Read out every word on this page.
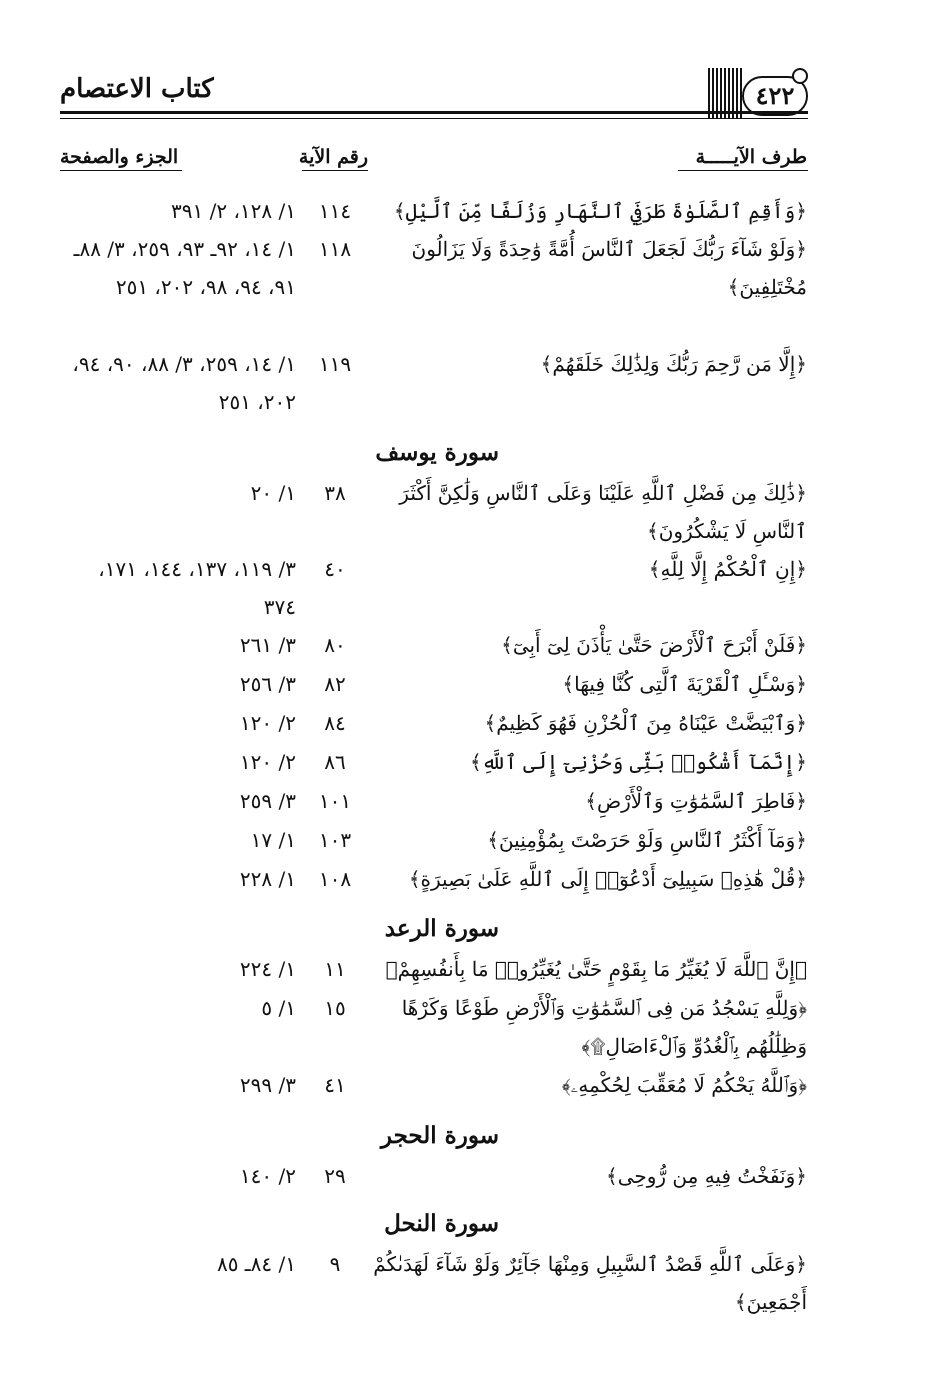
كتاب الاعتصام	٤٢٢
طرف الآيـــــة
رقم الآية
الجزء والصفحة
﴿وَأَقِمِ ٱلصَّلَوٰةَ طَرَفَيِ ٱلنَّهَارِ وَزُلَفًا مِّنَ ٱلَّيْلِ﴾
١١٤
١/ ١٢٨، ٢/ ٣٩١
﴿وَلَوْ شَآءَ رَبُّكَ لَجَعَلَ ٱلنَّاسَ أُمَّةً وَٰحِدَةً وَلَا يَزَالُونَ مُخْتَلِفِينَ﴾
١١٨
١/ ١٤، ٩٢ـ ٩٣، ٢٥٩، ٣/ ٨٨ـ ٩١، ٩٤، ٩٨، ٢٠٢، ٢٥١
﴿إِلَّا مَن رَّحِمَ رَبُّكَ وَلِذَٰلِكَ خَلَقَهُمْ﴾
١١٩
١/ ١٤، ٢٥٩، ٣/ ٨٨، ٩٠، ٩٤، ٢٠٢، ٢٥١
سورة يوسف
﴿ذَٰلِكَ مِن فَضْلِ ٱللَّهِ عَلَيْنَا وَعَلَى ٱلنَّاسِ وَلَٰكِنَّ أَكْثَرَ ٱلنَّاسِ لَا يَشْكُرُونَ﴾
٣٨
١/ ٢٠
﴿إِنِ ٱلْحُكْمُ إِلَّا لِلَّهِ﴾
٤٠
٣/ ١١٩، ١٣٧، ١٤٤، ١٧١، ٣٧٤
﴿فَلَنْ أَبْرَحَ ٱلْأَرْضَ حَتَّىٰ يَأْذَنَ لِىٓ أَبِىٓ﴾
٨٠
٣/ ٢٦١
﴿وَسْـَٔلِ ٱلْقَرْيَةَ ٱلَّتِى كُنَّا فِيهَا﴾
٨٢
٣/ ٢٥٦
﴿وَٱبْيَضَّتْ عَيْنَاهُ مِنَ ٱلْحُزْنِ فَهُوَ كَظِيمٌ﴾
٨٤
٢/ ١٢٠
﴿إِنَّمَآ أَشْكُوا۟ بَثِّى وَحُزْنِىٓ إِلَى ٱللَّهِ﴾
٨٦
٢/ ١٢٠
﴿فَاطِرَ ٱلسَّمَٰوَٰتِ وَٱلْأَرْضِ﴾
١٠١
٣/ ٢٥٩
﴿وَمَآ أَكْثَرُ ٱلنَّاسِ وَلَوْ حَرَصْتَ بِمُؤْمِنِينَ﴾
١٠٣
١/ ١٧
﴿قُلْ هَٰذِهِۦ سَبِيلِىٓ أَدْعُوٓا۟ إِلَى ٱللَّهِ عَلَىٰ بَصِيرَةٍ﴾
١٠٨
١/ ٢٢٨
سورة الرعد
﴿إِنَّ ٱللَّهَ لَا يُغَيِّرُ مَا بِقَوْمٍ حَتَّىٰ يُغَيِّرُوا۟ مَا بِأَنفُسِهِمْ﴾
١١
١/ ٢٢٤
﴿وَلِلَّهِ يَسْجُدُ مَن فِى ٱلسَّمَٰوَٰتِ وَٱلْأَرْضِ طَوْعًا وَكَرْهًا وَظِلَٰلُهُم بِٱلْغُدُوِّ وَٱلْءَاصَالِ۩﴾
١٥
١/ ٥
﴿وَٱللَّهُ يَحْكُمُ لَا مُعَقِّبَ لِحُكْمِهِۦ﴾
٤١
٣/ ٢٩٩
سورة الحجر
﴿وَنَفَخْتُ فِيهِ مِن رُّوحِى﴾
٢٩
٢/ ١٤٠
سورة النحل
﴿وَعَلَى ٱللَّهِ قَصْدُ ٱلسَّبِيلِ وَمِنْهَا جَآئِرٌ وَلَوْ شَآءَ لَهَدَىٰكُمْ أَجْمَعِينَ﴾
٩
١/ ٨٤ـ ٨٥
